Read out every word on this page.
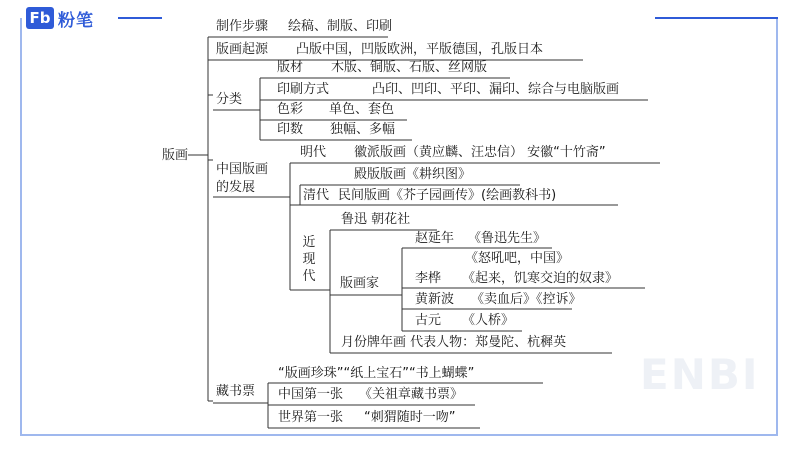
Fb 粉笔
ENBI
版画
制作步骤 绘稿、制版、印刷
版画起源 凸版中国，凹版欧洲，平版德国，孔版日本
分类
版材 木版、铜版、石版、丝网版
印刷方式	凸印、凹印、平印、漏印、综合与电脑版画
色彩 单色、套色
印数 独幅、多幅
中国版画
的发展
明代 徽派版画（黄应麟、汪忠信） 安徽“十竹斋”
清代
殿版版画《耕织图》
民间版画《芥子园画传》(绘画教科书)
近现代
鲁迅 朝花社
版画家
赵延年 《鲁迅先生》
《怒吼吧，中国》
李桦 《起来，饥寒交迫的奴隶》
黄新波 《卖血后》《控诉》
古元 《人桥》
月份牌年画 代表人物：郑曼陀、杭穉英
藏书票
“版画珍珠”“纸上宝石”“书上蝴蝶”
中国第一张 《关祖章藏书票》
世界第一张 “刺猬随时一吻”
